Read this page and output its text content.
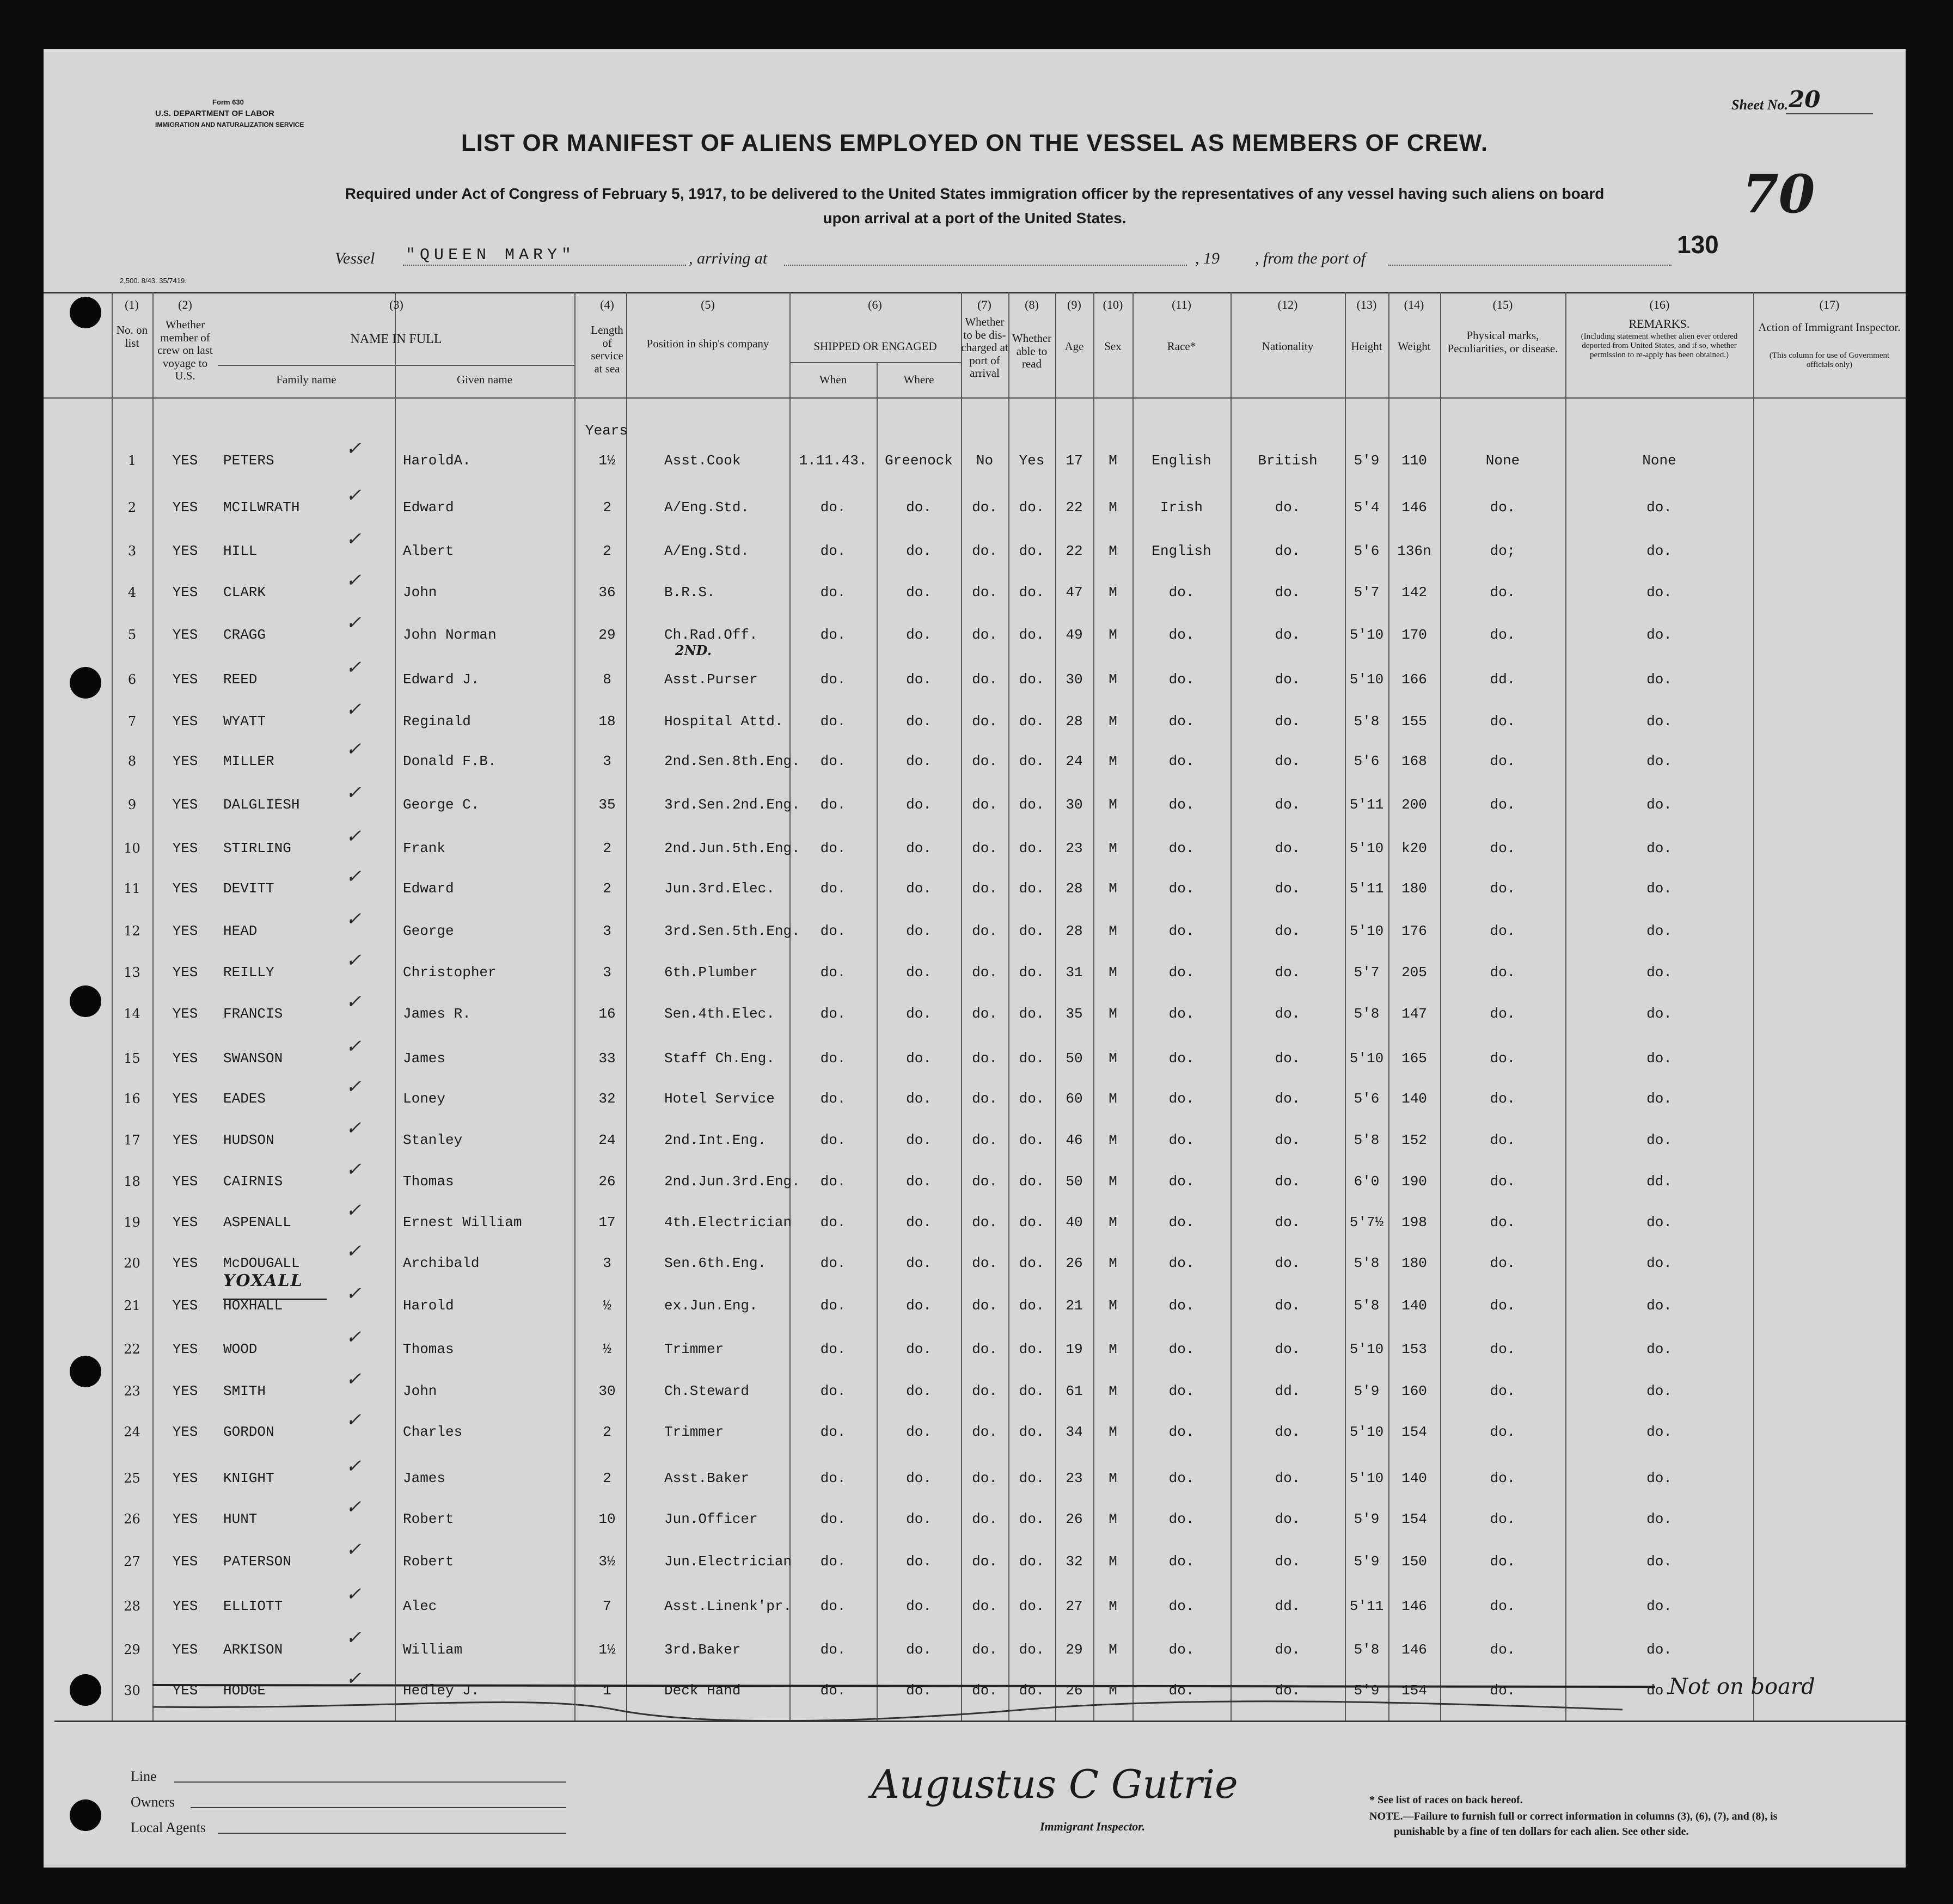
Form 630
U.S. DEPARTMENT OF LABOR
IMMIGRATION AND NATURALIZATION SERVICE
2,500. 8/43. 35/7419.
Sheet No. 20
LIST OR MANIFEST OF ALIENS EMPLOYED ON THE VESSEL AS MEMBERS OF CREW.
Required under Act of Congress of February 5, 1917, to be delivered to the United States immigration officer by the representatives of any vessel having such aliens on board
upon arrival at a port of the United States.	70
Vessel "QUEEN MARY"	, arriving at	, 19 , from the port of	130
(1)	(2)	(3)	(4)	(5)	(6)	(7)	(8)	(9)	(10)	(11)	(12)	(13)	(14)	(15)	(16)	(17)
No. on list
Whether member of crew on last voyage to U.S.
NAME IN FULL
Family name	Given name
Length of service at sea
Position in ship's company	SHIPPED OR ENGAGED
When	Where
Whether to be dis-charged at port of arrival
Whether able to read
Age	Sex	Race*	Nationality	Height	Weight
Physical marks, Peculiarities, or disease.
REMARKS.
(Including statement whether alien ever ordered deported from United States, and if so, whether permission to re-apply has been obtained.)
Action of Immigrant Inspector.
(This column for use of Government officials only)
Years
1	YES	PETERS	HaroldA.	1½	Asst.Cook	1.11.43.	Greenock	No	Yes	17	M	English	British	5'9	110	None	None
✓
2	YES	MCILWRATH	Edward	2	A/Eng.Std.	do.	do.	do.	do.	22	M	Irish	do.	5'4	146	do.	do.
✓
3	YES	HILL	Albert	2	A/Eng.Std.	do.	do.	do.	do.	22	M	English	do.	5'6	136n	do;	do.
✓
4	YES	CLARK	John	36	B.R.S.	do.	do.	do.	do.	47	M	do.	do.	5'7	142	do.	do.
✓
5	YES	CRAGG	John Norman	29	Ch.Rad.Off.	do.	do.	do.	do.	49	M	do.	do.	5'10	170	do.	do.
✓
6	YES	REED	Edward J.	8	Asst.Purser	do.	do.	do.	do.	30	M	do.	do.	5'10	166	dd.	do.
✓
7	YES	WYATT	Reginald	18	Hospital Attd.	do.	do.	do.	do.	28	M	do.	do.	5'8	155	do.	do.
✓
8	YES	MILLER	Donald F.B.	3	2nd.Sen.8th.Eng.	do.	do.	do.	do.	24	M	do.	do.	5'6	168	do.	do.
✓
9	YES	DALGLIESH	George C.	35	3rd.Sen.2nd.Eng.	do.	do.	do.	do.	30	M	do.	do.	5'11	200	do.	do.
✓
10	YES	STIRLING	Frank	2	2nd.Jun.5th.Eng.	do.	do.	do.	do.	23	M	do.	do.	5'10	k20	do.	do.
✓
11	YES	DEVITT	Edward	2	Jun.3rd.Elec.	do.	do.	do.	do.	28	M	do.	do.	5'11	180	do.	do.
✓
12	YES	HEAD	George	3	3rd.Sen.5th.Eng.	do.	do.	do.	do.	28	M	do.	do.	5'10	176	do.	do.
✓
13	YES	REILLY	Christopher	3	6th.Plumber	do.	do.	do.	do.	31	M	do.	do.	5'7	205	do.	do.
✓
14	YES	FRANCIS	James R.	16	Sen.4th.Elec.	do.	do.	do.	do.	35	M	do.	do.	5'8	147	do.	do.
✓
15	YES	SWANSON	James	33	Staff Ch.Eng.	do.	do.	do.	do.	50	M	do.	do.	5'10	165	do.	do.
✓
16	YES	EADES	Loney	32	Hotel Service	do.	do.	do.	do.	60	M	do.	do.	5'6	140	do.	do.
✓
17	YES	HUDSON	Stanley	24	2nd.Int.Eng.	do.	do.	do.	do.	46	M	do.	do.	5'8	152	do.	do.
✓
18	YES	CAIRNIS	Thomas	26	2nd.Jun.3rd.Eng.	do.	do.	do.	do.	50	M	do.	do.	6'0	190	do.	dd.
✓
19	YES	ASPENALL	Ernest William	17	4th.Electrician	do.	do.	do.	do.	40	M	do.	do.	5'7½	198	do.	do.
✓
20	YES	McDOUGALL	Archibald	3	Sen.6th.Eng.	do.	do.	do.	do.	26	M	do.	do.	5'8	180	do.	do.
✓
21	YES	HOXHALL	Harold	½	ex.Jun.Eng.	do.	do.	do.	do.	21	M	do.	do.	5'8	140	do.	do.
✓
22	YES	WOOD	Thomas	½	Trimmer	do.	do.	do.	do.	19	M	do.	do.	5'10	153	do.	do.
✓
23	YES	SMITH	John	30	Ch.Steward	do.	do.	do.	do.	61	M	do.	dd.	5'9	160	do.	do.
✓
24	YES	GORDON	Charles	2	Trimmer	do.	do.	do.	do.	34	M	do.	do.	5'10	154	do.	do.
✓
25	YES	KNIGHT	James	2	Asst.Baker	do.	do.	do.	do.	23	M	do.	do.	5'10	140	do.	do.
✓
26	YES	HUNT	Robert	10	Jun.Officer	do.	do.	do.	do.	26	M	do.	do.	5'9	154	do.	do.
✓
27	YES	PATERSON	Robert	3½	Jun.Electrician	do.	do.	do.	do.	32	M	do.	do.	5'9	150	do.	do.
✓
28	YES	ELLIOTT	Alec	7	Asst.Linenk'pr.	do.	do.	do.	do.	27	M	do.	dd.	5'11	146	do.	do.
✓
29	YES	ARKISON	William	1½	3rd.Baker	do.	do.	do.	do.	29	M	do.	do.	5'8	146	do.	do.
✓
30	YES	HODGE	Hedley J.	1	Deck Hand	do.	do.	do.	do.	26	M	do.	do.	5'9	154	do.	do.
✓	Not on board
YOXALL
2ND.
Line
Owners
Local Agents
Augustus C Gutrie
Immigrant Inspector.
* See list of races on back hereof.
NOTE.—Failure to furnish full or correct information in columns (3), (6), (7), and (8), is
punishable by a fine of ten dollars for each alien. See other side.
